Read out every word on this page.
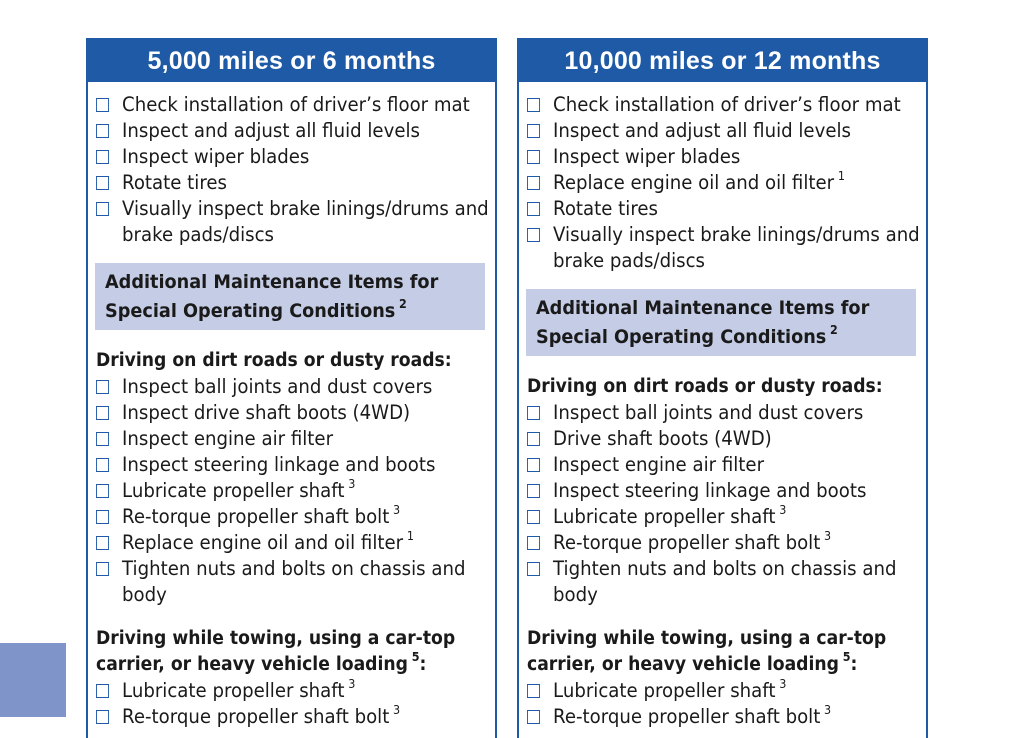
5,000 miles or 6 months
Check installation of driver’s floor mat
Inspect and adjust all fluid levels
Inspect wiper blades
Rotate tires
Visually inspect brake linings/drums and brake pads/discs
Additional Maintenance Items for
Special Operating Conditions $^2$
Driving on dirt roads or dusty roads:
Inspect ball joints and dust covers
Inspect drive shaft boots (4WD)
Inspect engine air filter
Inspect steering linkage and boots
Lubricate propeller shaft $^3$
Re-torque propeller shaft bolt $^3$
Replace engine oil and oil filter $^1$
Tighten nuts and bolts on chassis and body
Driving while towing, using a car-top
carrier, or heavy vehicle loading $^5$:
Lubricate propeller shaft $^3$
Re-torque propeller shaft bolt $^3$
10,000 miles or 12 months
Check installation of driver’s floor mat
Inspect and adjust all fluid levels
Inspect wiper blades
Replace engine oil and oil filter $^1$
Rotate tires
Visually inspect brake linings/drums and brake pads/discs
Additional Maintenance Items for
Special Operating Conditions $^2$
Driving on dirt roads or dusty roads:
Inspect ball joints and dust covers
Drive shaft boots (4WD)
Inspect engine air filter
Inspect steering linkage and boots
Lubricate propeller shaft $^3$
Re-torque propeller shaft bolt $^3$
Tighten nuts and bolts on chassis and body
Driving while towing, using a car-top
carrier, or heavy vehicle loading $^5$:
Lubricate propeller shaft $^3$
Re-torque propeller shaft bolt $^3$
